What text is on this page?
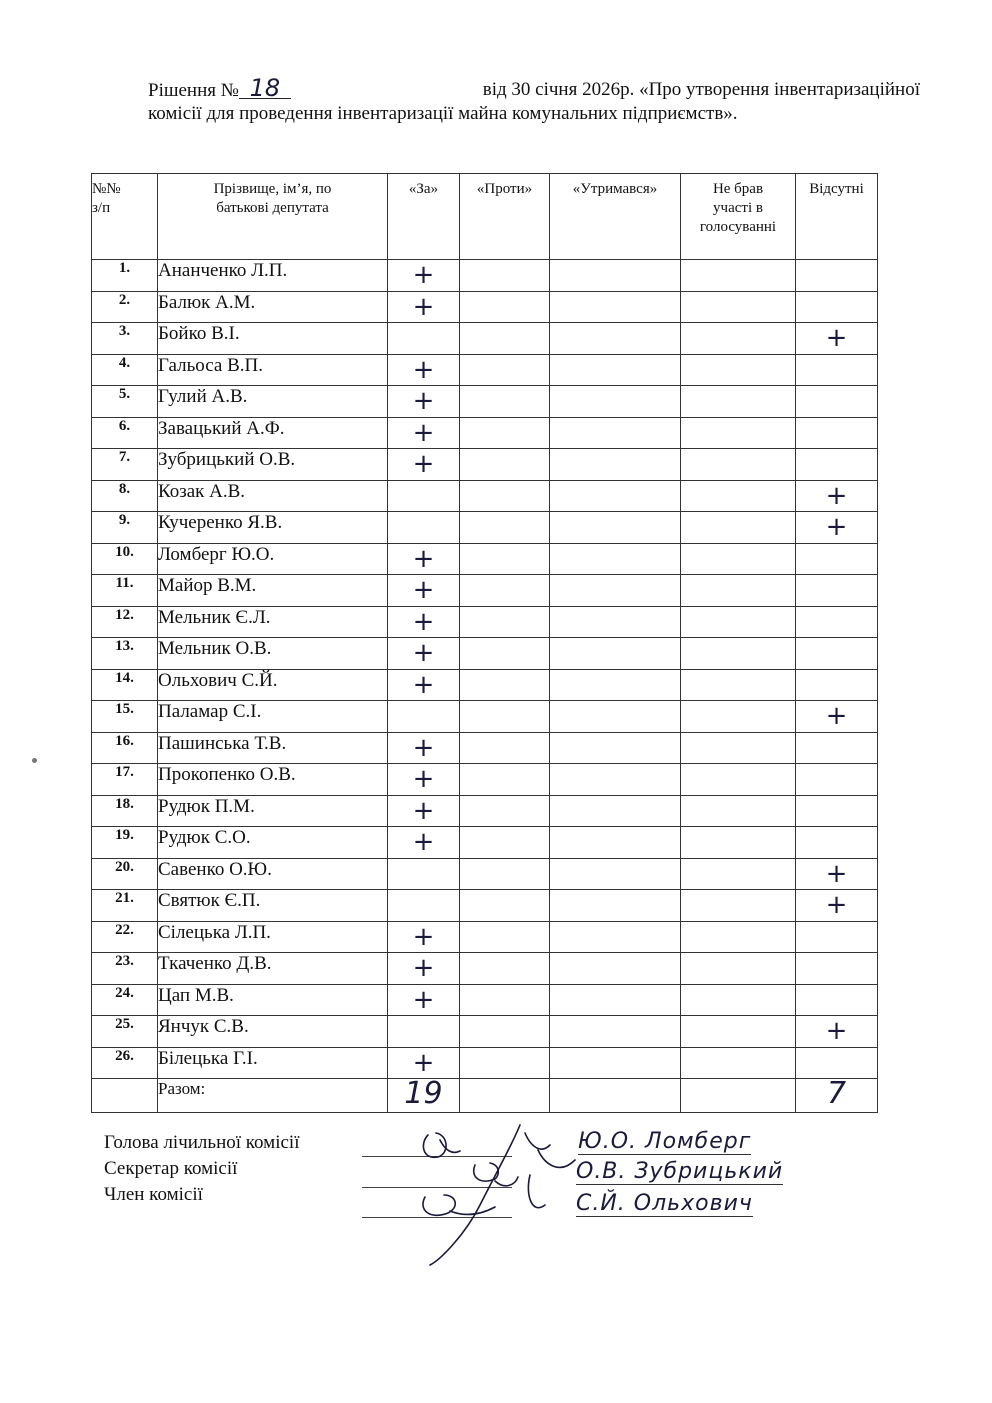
Рішення № 18	від 30 січня 2026р. «Про утворення інвентаризаційної
комісії для проведення інвентаризації майна комунальних підприємств».
№№
з/п	Прізвище, ім’я, по
батькові депутата	«За»	«Проти»	«Утримався»	Не брав
участі в
голосуванні	Відсутні
1.	Ананченко Л.П.	+				
2.	Балюк А.М.	+				
3.	Бойко В.І.					+
4.	Гальоса В.П.	+				
5.	Гулий А.В.	+				
6.	Завацький А.Ф.	+				
7.	Зубрицький О.В.	+				
8.	Козак А.В.					+
9.	Кучеренко Я.В.					+
10.	Ломберг Ю.О.	+				
11.	Майор В.М.	+				
12.	Мельник Є.Л.	+				
13.	Мельник О.В.	+				
14.	Ольхович С.Й.	+				
15.	Паламар С.І.					+
16.	Пашинська Т.В.	+				
17.	Прокопенко О.В.	+				
18.	Рудюк П.М.	+				
19.	Рудюк С.О.	+				
20.	Савенко О.Ю.					+
21.	Святюк Є.П.					+
22.	Сілецька Л.П.	+				
23.	Ткаченко Д.В.	+				
24.	Цап М.В.	+				
25.	Янчук С.В.					+
26.	Білецька Г.І.	+				
	Разом:	19				7
Голова лічильної комісії
Секретар комісії
Член комісії
Ю.О. Ломберг
О.В. Зубрицький
С.Й. Ольхович
